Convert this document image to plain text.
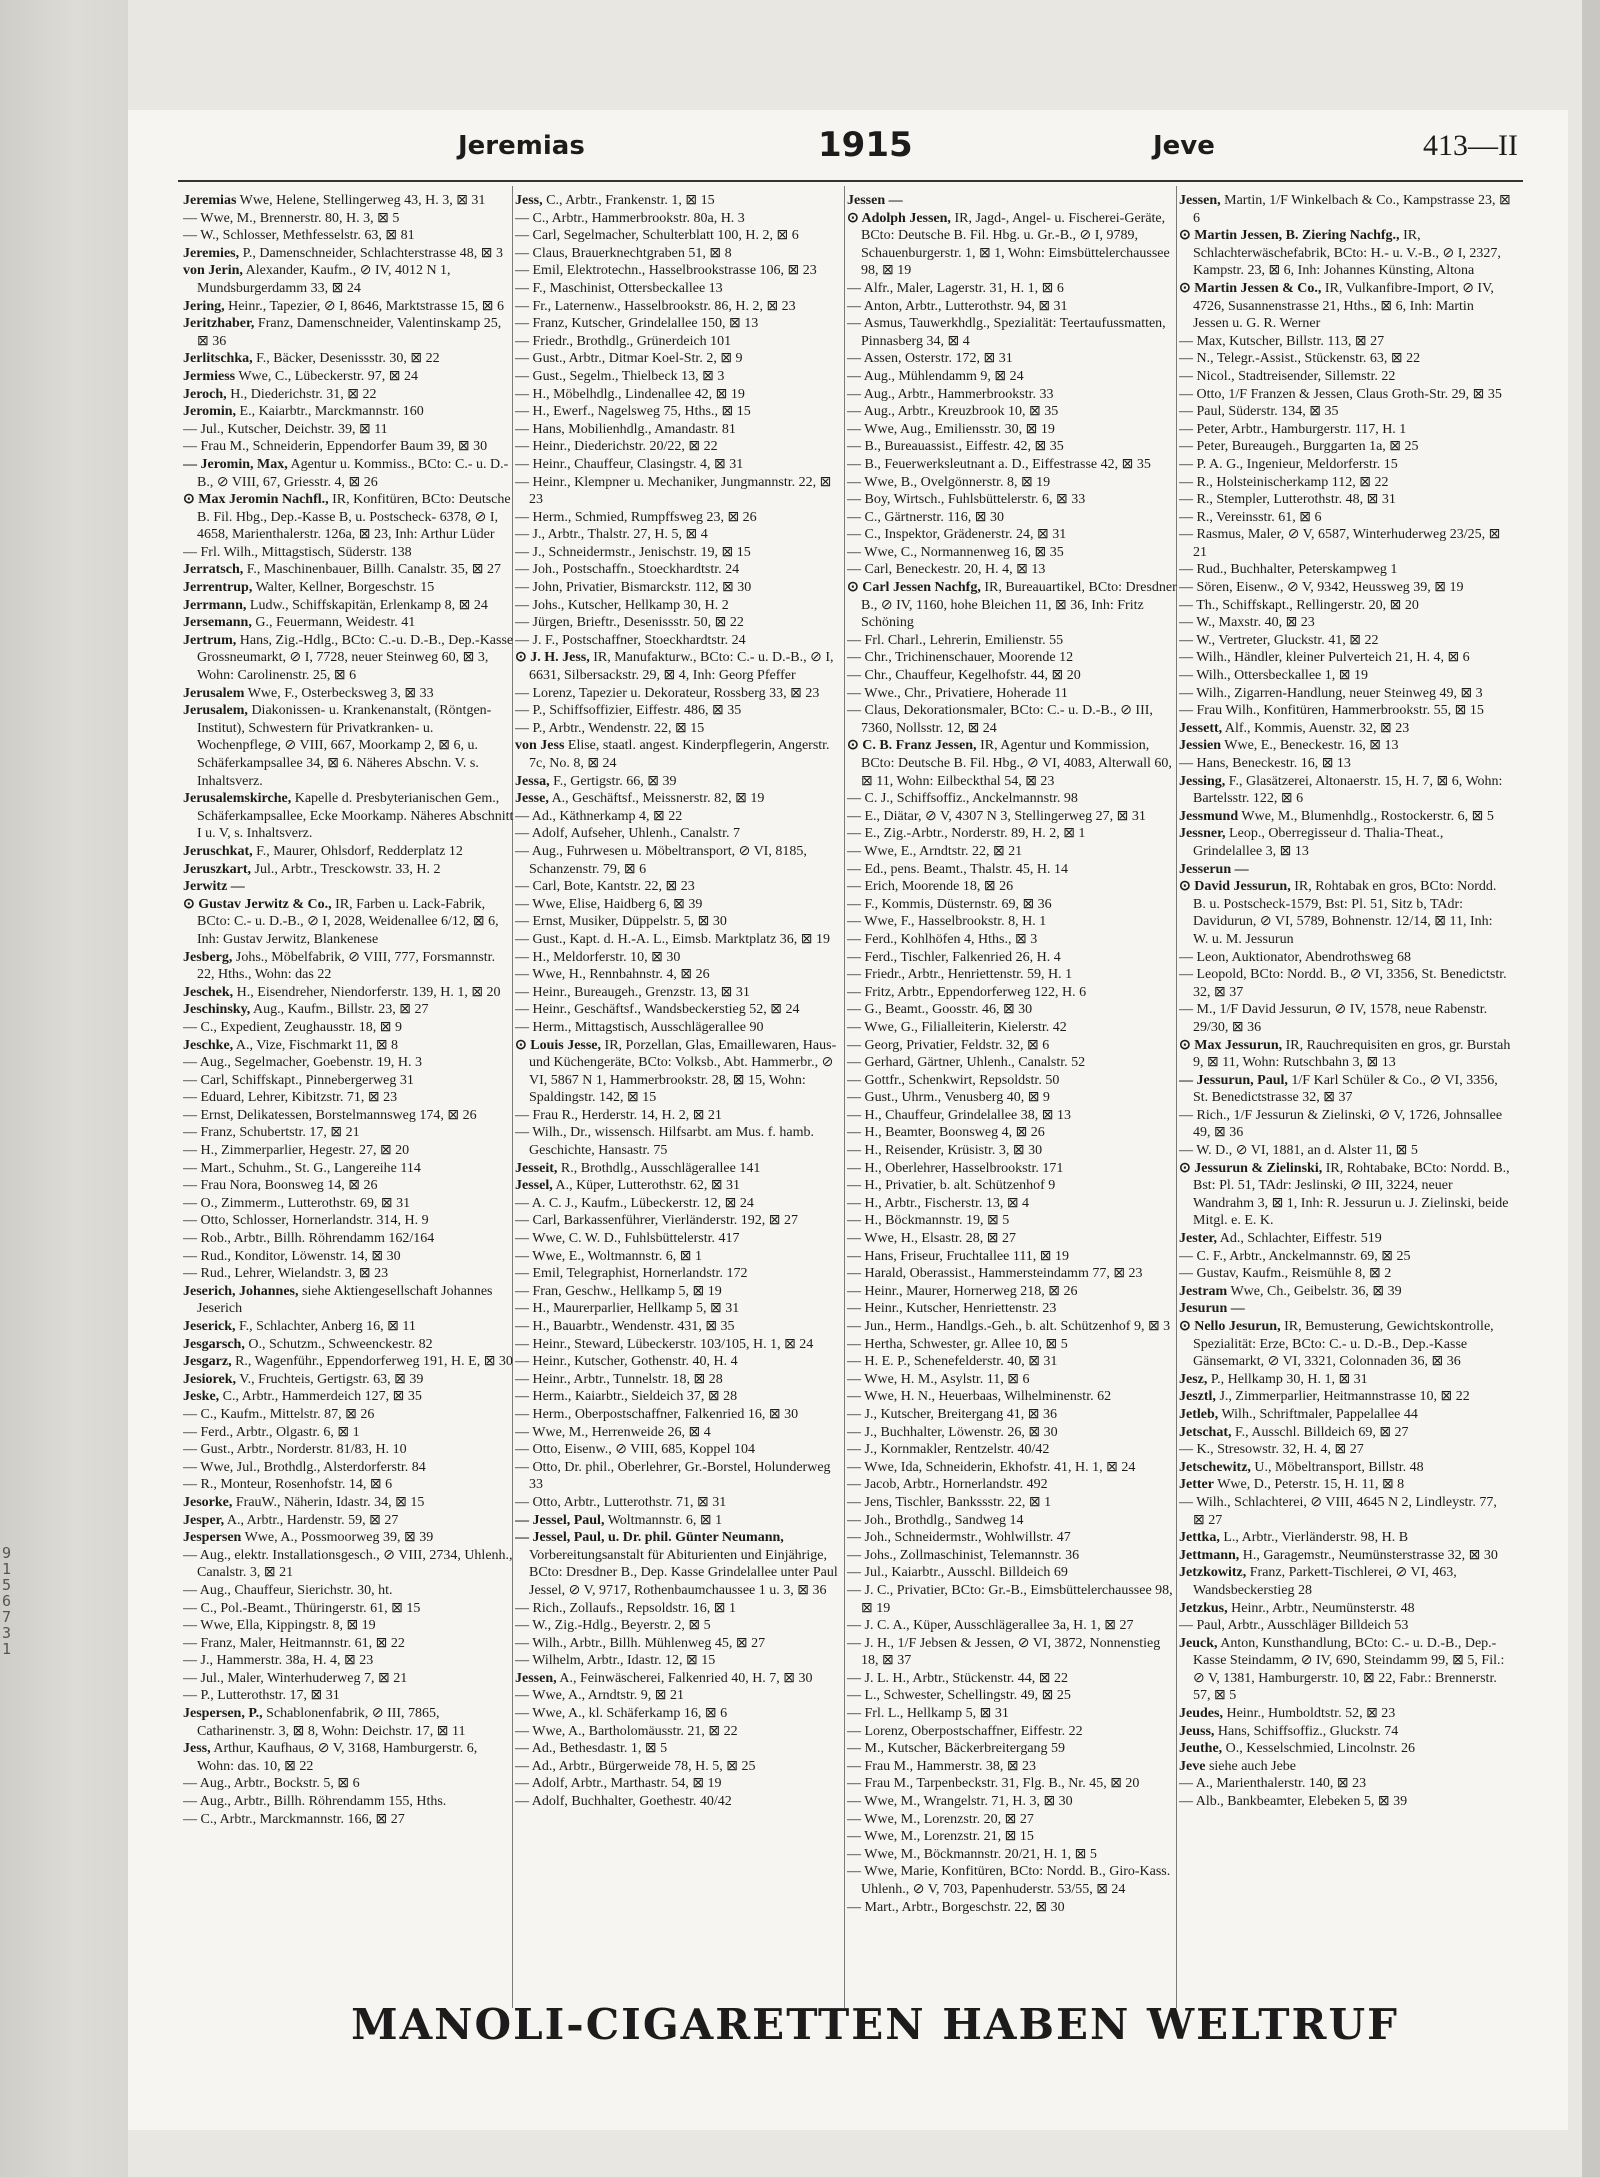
9 1 5 6 7 3 1
Jeremias	1915	Jeve	413—II

Jeremias Wwe, Helene, Stellingerweg 43, H. 3, ⊠ 31

— Wwe, M., Brennerstr. 80, H. 3, ⊠ 5

— W., Schlosser, Methfesselstr. 63, ⊠ 81

Jeremies, P., Damenschneider, Schlachterstrasse 48, ⊠ 3

von Jerin, Alexander, Kaufm., ⊘ IV, 4012 N 1, Mundsburgerdamm 33, ⊠ 24

Jering, Heinr., Tapezier, ⊘ I, 8646, Marktstrasse 15, ⊠ 6

Jeritzhaber, Franz, Damenschneider, Valentinskamp 25, ⊠ 36

Jerlitschka, F., Bäcker, Desenissstr. 30, ⊠ 22

Jermiess Wwe, C., Lübeckerstr. 97, ⊠ 24

Jeroch, H., Diederichstr. 31, ⊠ 22

Jeromin, E., Kaiarbtr., Marckmannstr. 160

— Jul., Kutscher, Deichstr. 39, ⊠ 11

— Frau M., Schneiderin, Eppendorfer Baum 39, ⊠ 30

— Jeromin, Max, Agentur u. Kommiss., BCto: C.- u. D.-B., ⊘ VIII, 67, Griesstr. 4, ⊠ 26

⊙ Max Jeromin Nachfl., IR, Konfitüren, BCto: Deutsche B. Fil. Hbg., Dep.-Kasse B, u. Postscheck- 6378, ⊘ I, 4658, Marienthalerstr. 126a, ⊠ 23, Inh: Arthur Lüder

— Frl. Wilh., Mittagstisch, Süderstr. 138

Jerratsch, F., Maschinenbauer, Billh. Canalstr. 35, ⊠ 27

Jerrentrup, Walter, Kellner, Borgeschstr. 15

Jerrmann, Ludw., Schiffskapitän, Erlenkamp 8, ⊠ 24

Jersemann, G., Feuermann, Weidestr. 41

Jertrum, Hans, Zig.-Hdlg., BCto: C.-u. D.-B., Dep.-Kasse Grossneumarkt, ⊘ I, 7728, neuer Steinweg 60, ⊠ 3, Wohn: Carolinenstr. 25, ⊠ 6

Jerusalem Wwe, F., Osterbecksweg 3, ⊠ 33

Jerusalem, Diakonissen- u. Krankenanstalt, (Röntgen-Institut), Schwestern für Privatkranken- u. Wochenpflege, ⊘ VIII, 667, Moorkamp 2, ⊠ 6, u. Schäferkampsallee 34, ⊠ 6. Näheres Abschn. V. s. Inhaltsverz.

Jerusalemskirche, Kapelle d. Presbyterianischen Gem., Schäferkampsallee, Ecke Moorkamp. Näheres Abschnitt I u. V, s. Inhaltsverz.

Jeruschkat, F., Maurer, Ohlsdorf, Redderplatz 12

Jeruszkart, Jul., Arbtr., Tresckowstr. 33, H. 2

Jerwitz —

⊙ Gustav Jerwitz & Co., IR, Farben u. Lack-Fabrik, BCto: C.- u. D.-B., ⊘ I, 2028, Weidenallee 6/12, ⊠ 6, Inh: Gustav Jerwitz, Blankenese

Jesberg, Johs., Möbelfabrik, ⊘ VIII, 777, Forsmannstr. 22, Hths., Wohn: das 22

Jeschek, H., Eisendreher, Niendorferstr. 139, H. 1, ⊠ 20

Jeschinsky, Aug., Kaufm., Billstr. 23, ⊠ 27

— C., Expedient, Zeughausstr. 18, ⊠ 9

Jeschke, A., Vize, Fischmarkt 11, ⊠ 8

— Aug., Segelmacher, Goebenstr. 19, H. 3

— Carl, Schiffskapt., Pinnebergerweg 31

— Eduard, Lehrer, Kibitzstr. 71, ⊠ 23

— Ernst, Delikatessen, Borstelmannsweg 174, ⊠ 26

— Franz, Schubertstr. 17, ⊠ 21

— H., Zimmerparlier, Hegestr. 27, ⊠ 20

— Mart., Schuhm., St. G., Langereihe 114

— Frau Nora, Boonsweg 14, ⊠ 26

— O., Zimmerm., Lutterothstr. 69, ⊠ 31

— Otto, Schlosser, Hornerlandstr. 314, H. 9

— Rob., Arbtr., Billh. Röhrendamm 162/164

— Rud., Konditor, Löwenstr. 14, ⊠ 30

— Rud., Lehrer, Wielandstr. 3, ⊠ 23

Jeserich, Johannes, siehe Aktiengesellschaft Johannes Jeserich

Jeserick, F., Schlachter, Anberg 16, ⊠ 11

Jesgarsch, O., Schutzm., Schweenckestr. 82

Jesgarz, R., Wagenführ., Eppendorferweg 191, H. E, ⊠ 30

Jesiorek, V., Fruchteis, Gertigstr. 63, ⊠ 39

Jeske, C., Arbtr., Hammerdeich 127, ⊠ 35

— C., Kaufm., Mittelstr. 87, ⊠ 26

— Ferd., Arbtr., Olgastr. 6, ⊠ 1

— Gust., Arbtr., Norderstr. 81/83, H. 10

— Wwe, Jul., Brothdlg., Alsterdorferstr. 84

— R., Monteur, Rosenhofstr. 14, ⊠ 6

Jesorke, FrauW., Näherin, Idastr. 34, ⊠ 15

Jesper, A., Arbtr., Hardenstr. 59, ⊠ 27

Jespersen Wwe, A., Possmoorweg 39, ⊠ 39

— Aug., elektr. Installationsgesch., ⊘ VIII, 2734, Uhlenh., Canalstr. 3, ⊠ 21

— Aug., Chauffeur, Sierichstr. 30, ht.

— C., Pol.-Beamt., Thüringerstr. 61, ⊠ 15

— Wwe, Ella, Kippingstr. 8, ⊠ 19

— Franz, Maler, Heitmannstr. 61, ⊠ 22

— J., Hammerstr. 38a, H. 4, ⊠ 23

— Jul., Maler, Winterhuderweg 7, ⊠ 21

— P., Lutterothstr. 17, ⊠ 31

Jespersen, P., Schablonenfabrik, ⊘ III, 7865, Catharinenstr. 3, ⊠ 8, Wohn: Deichstr. 17, ⊠ 11

Jess, Arthur, Kaufhaus, ⊘ V, 3168, Hamburgerstr. 6, Wohn: das. 10, ⊠ 22

— Aug., Arbtr., Bockstr. 5, ⊠ 6

— Aug., Arbtr., Billh. Röhrendamm 155, Hths.

— C., Arbtr., Marckmannstr. 166, ⊠ 27

Jess, C., Arbtr., Frankenstr. 1, ⊠ 15

— C., Arbtr., Hammerbrookstr. 80a, H. 3

— Carl, Segelmacher, Schulterblatt 100, H. 2, ⊠ 6

— Claus, Brauerknechtgraben 51, ⊠ 8

— Emil, Elektrotechn., Hasselbrookstrasse 106, ⊠ 23

— F., Maschinist, Ottersbeckallee 13

— Fr., Laternenw., Hasselbrookstr. 86, H. 2, ⊠ 23

— Franz, Kutscher, Grindelallee 150, ⊠ 13

— Friedr., Brothdlg., Grünerdeich 101

— Gust., Arbtr., Ditmar Koel-Str. 2, ⊠ 9

— Gust., Segelm., Thielbeck 13, ⊠ 3

— H., Möbelhdlg., Lindenallee 42, ⊠ 19

— H., Ewerf., Nagelsweg 75, Hths., ⊠ 15

— Hans, Mobilienhdlg., Amandastr. 81

— Heinr., Diederichstr. 20/22, ⊠ 22

— Heinr., Chauffeur, Clasingstr. 4, ⊠ 31

— Heinr., Klempner u. Mechaniker, Jungmannstr. 22, ⊠ 23

— Herm., Schmied, Rumpffsweg 23, ⊠ 26

— J., Arbtr., Thalstr. 27, H. 5, ⊠ 4

— J., Schneidermstr., Jenischstr. 19, ⊠ 15

— Joh., Postschaffn., Stoeckhardtstr. 24

— John, Privatier, Bismarckstr. 112, ⊠ 30

— Johs., Kutscher, Hellkamp 30, H. 2

— Jürgen, Brieftr., Desenissstr. 50, ⊠ 22

— J. F., Postschaffner, Stoeckhardtstr. 24

⊙ J. H. Jess, IR, Manufakturw., BCto: C.- u. D.-B., ⊘ I, 6631, Silbersackstr. 29, ⊠ 4, Inh: Georg Pfeffer

— Lorenz, Tapezier u. Dekorateur, Rossberg 33, ⊠ 23

— P., Schiffsoffizier, Eiffestr. 486, ⊠ 35

— P., Arbtr., Wendenstr. 22, ⊠ 15

von Jess Elise, staatl. angest. Kinderpflegerin, Angerstr. 7c, No. 8, ⊠ 24

Jessa, F., Gertigstr. 66, ⊠ 39

Jesse, A., Geschäftsf., Meissnerstr. 82, ⊠ 19

— Ad., Käthnerkamp 4, ⊠ 22

— Adolf, Aufseher, Uhlenh., Canalstr. 7

— Aug., Fuhrwesen u. Möbeltransport, ⊘ VI, 8185, Schanzenstr. 79, ⊠ 6

— Carl, Bote, Kantstr. 22, ⊠ 23

— Wwe, Elise, Haidberg 6, ⊠ 39

— Ernst, Musiker, Düppelstr. 5, ⊠ 30

— Gust., Kapt. d. H.-A. L., Eimsb. Marktplatz 36, ⊠ 19

— H., Meldorferstr. 10, ⊠ 30

— Wwe, H., Rennbahnstr. 4, ⊠ 26

— Heinr., Bureaugeh., Grenzstr. 13, ⊠ 31

— Heinr., Geschäftsf., Wandsbeckerstieg 52, ⊠ 24

— Herm., Mittagstisch, Ausschlägerallee 90

⊙ Louis Jesse, IR, Porzellan, Glas, Emaillewaren, Haus- und Küchengeräte, BCto: Volksb., Abt. Hammerbr., ⊘ VI, 5867 N 1, Hammerbrookstr. 28, ⊠ 15, Wohn: Spaldingstr. 142, ⊠ 15

— Frau R., Herderstr. 14, H. 2, ⊠ 21

— Wilh., Dr., wissensch. Hilfsarbt. am Mus. f. hamb. Geschichte, Hansastr. 75

Jesseit, R., Brothdlg., Ausschlägerallee 141

Jessel, A., Küper, Lutterothstr. 62, ⊠ 31

— A. C. J., Kaufm., Lübeckerstr. 12, ⊠ 24

— Carl, Barkassenführer, Vierländerstr. 192, ⊠ 27

— Wwe, C. W. D., Fuhlsbüttelerstr. 417

— Wwe, E., Woltmannstr. 6, ⊠ 1

— Emil, Telegraphist, Hornerlandstr. 172

— Fran, Geschw., Hellkamp 5, ⊠ 19

— H., Maurerparlier, Hellkamp 5, ⊠ 31

— H., Bauarbtr., Wendenstr. 431, ⊠ 35

— Heinr., Steward, Lübeckerstr. 103/105, H. 1, ⊠ 24

— Heinr., Kutscher, Gothenstr. 40, H. 4

— Heinr., Arbtr., Tunnelstr. 18, ⊠ 28

— Herm., Kaiarbtr., Sieldeich 37, ⊠ 28

— Herm., Oberpostschaffner, Falkenried 16, ⊠ 30

— Wwe, M., Herrenweide 26, ⊠ 4

— Otto, Eisenw., ⊘ VIII, 685, Koppel 104

— Otto, Dr. phil., Oberlehrer, Gr.-Borstel, Holunderweg 33

— Otto, Arbtr., Lutterothstr. 71, ⊠ 31

— Jessel, Paul, Woltmannstr. 6, ⊠ 1

— Jessel, Paul, u. Dr. phil. Günter Neumann, Vorbereitungsanstalt für Abiturienten und Einjährige, BCto: Dresdner B., Dep. Kasse Grindelallee unter Paul Jessel, ⊘ V, 9717, Rothenbaumchaussee 1 u. 3, ⊠ 36

— Rich., Zollaufs., Repsoldstr. 16, ⊠ 1

— W., Zig.-Hdlg., Beyerstr. 2, ⊠ 5

— Wilh., Arbtr., Billh. Mühlenweg 45, ⊠ 27

— Wilhelm, Arbtr., Idastr. 12, ⊠ 15

Jessen, A., Feinwäscherei, Falkenried 40, H. 7, ⊠ 30

— Wwe, A., Arndtstr. 9, ⊠ 21

— Wwe, A., kl. Schäferkamp 16, ⊠ 6

— Wwe, A., Bartholomäusstr. 21, ⊠ 22

— Ad., Bethesdastr. 1, ⊠ 5

— Ad., Arbtr., Bürgerweide 78, H. 5, ⊠ 25

— Adolf, Arbtr., Marthastr. 54, ⊠ 19

— Adolf, Buchhalter, Goethestr. 40/42

Jessen —

⊙ Adolph Jessen, IR, Jagd-, Angel- u. Fischerei-Geräte, BCto: Deutsche B. Fil. Hbg. u. Gr.-B., ⊘ I, 9789, Schauenburgerstr. 1, ⊠ 1, Wohn: Eimsbüttelerchaussee 98, ⊠ 19

— Alfr., Maler, Lagerstr. 31, H. 1, ⊠ 6

— Anton, Arbtr., Lutterothstr. 94, ⊠ 31

— Asmus, Tauwerkhdlg., Spezialität: Teertaufussmatten, Pinnasberg 34, ⊠ 4

— Assen, Osterstr. 172, ⊠ 31

— Aug., Mühlendamm 9, ⊠ 24

— Aug., Arbtr., Hammerbrookstr. 33

— Aug., Arbtr., Kreuzbrook 10, ⊠ 35

— Wwe, Aug., Emiliensstr. 30, ⊠ 19

— B., Bureauassist., Eiffestr. 42, ⊠ 35

— B., Feuerwerksleutnant a. D., Eiffestrasse 42, ⊠ 35

— Wwe, B., Ovelgönnerstr. 8, ⊠ 19

— Boy, Wirtsch., Fuhlsbüttelerstr. 6, ⊠ 33

— C., Gärtnerstr. 116, ⊠ 30

— C., Inspektor, Grädenerstr. 24, ⊠ 31

— Wwe, C., Normannenweg 16, ⊠ 35

— Carl, Beneckestr. 20, H. 4, ⊠ 13

⊙ Carl Jessen Nachfg, IR, Bureauartikel, BCto: Dresdner B., ⊘ IV, 1160, hohe Bleichen 11, ⊠ 36, Inh: Fritz Schöning

— Frl. Charl., Lehrerin, Emilienstr. 55

— Chr., Trichinenschauer, Moorende 12

— Chr., Chauffeur, Kegelhofstr. 44, ⊠ 20

— Wwe., Chr., Privatiere, Hoherade 11

— Claus, Dekorationsmaler, BCto: C.- u. D.-B., ⊘ III, 7360, Nollsstr. 12, ⊠ 24

⊙ C. B. Franz Jessen, IR, Agentur und Kommission, BCto: Deutsche B. Fil. Hbg., ⊘ VI, 4083, Alterwall 60, ⊠ 11, Wohn: Eilbeckthal 54, ⊠ 23

— C. J., Schiffsoffiz., Anckelmannstr. 98

— E., Diätar, ⊘ V, 4307 N 3, Stellingerweg 27, ⊠ 31

— E., Zig.-Arbtr., Norderstr. 89, H. 2, ⊠ 1

— Wwe, E., Arndtstr. 22, ⊠ 21

— Ed., pens. Beamt., Thalstr. 45, H. 14

— Erich, Moorende 18, ⊠ 26

— F., Kommis, Düsternstr. 69, ⊠ 36

— Wwe, F., Hasselbrookstr. 8, H. 1

— Ferd., Kohlhöfen 4, Hths., ⊠ 3

— Ferd., Tischler, Falkenried 26, H. 4

— Friedr., Arbtr., Henriettenstr. 59, H. 1

— Fritz, Arbtr., Eppendorferweg 122, H. 6

— G., Beamt., Goosstr. 46, ⊠ 30

— Wwe, G., Filialleiterin, Kielerstr. 42

— Georg, Privatier, Feldstr. 32, ⊠ 6

— Gerhard, Gärtner, Uhlenh., Canalstr. 52

— Gottfr., Schenkwirt, Repsoldstr. 50

— Gust., Uhrm., Venusberg 40, ⊠ 9

— H., Chauffeur, Grindelallee 38, ⊠ 13

— H., Beamter, Boonsweg 4, ⊠ 26

— H., Reisender, Krüsistr. 3, ⊠ 30

— H., Oberlehrer, Hasselbrookstr. 171

— H., Privatier, b. alt. Schützenhof 9

— H., Arbtr., Fischerstr. 13, ⊠ 4

— H., Böckmannstr. 19, ⊠ 5

— Wwe, H., Elsastr. 28, ⊠ 27

— Hans, Friseur, Fruchtallee 111, ⊠ 19

— Harald, Oberassist., Hammersteindamm 77, ⊠ 23

— Heinr., Maurer, Hornerweg 218, ⊠ 26

— Heinr., Kutscher, Henriettenstr. 23

— Jun., Herm., Handlgs.-Geh., b. alt. Schützenhof 9, ⊠ 3

— Hertha, Schwester, gr. Allee 10, ⊠ 5

— H. E. P., Schenefelderstr. 40, ⊠ 31

— Wwe, H. M., Asylstr. 11, ⊠ 6

— Wwe, H. N., Heuerbaas, Wilhelminenstr. 62

— J., Kutscher, Breitergang 41, ⊠ 36

— J., Buchhalter, Löwenstr. 26, ⊠ 30

— J., Kornmakler, Rentzelstr. 40/42

— Wwe, Ida, Schneiderin, Ekhofstr. 41, H. 1, ⊠ 24

— Jacob, Arbtr., Hornerlandstr. 492

— Jens, Tischler, Bankssstr. 22, ⊠ 1

— Joh., Brothdlg., Sandweg 14

— Joh., Schneidermstr., Wohlwillstr. 47

— Johs., Zollmaschinist, Telemannstr. 36

— Jul., Kaiarbtr., Ausschl. Billdeich 69

— J. C., Privatier, BCto: Gr.-B., Eimsbüttelerchaussee 98, ⊠ 19

— J. C. A., Küper, Ausschlägerallee 3a, H. 1, ⊠ 27

— J. H., 1/F Jebsen & Jessen, ⊘ VI, 3872, Nonnenstieg 18, ⊠ 37

— J. L. H., Arbtr., Stückenstr. 44, ⊠ 22

— L., Schwester, Schellingstr. 49, ⊠ 25

— Frl. L., Hellkamp 5, ⊠ 31

— Lorenz, Oberpostschaffner, Eiffestr. 22

— M., Kutscher, Bäckerbreitergang 59

— Frau M., Hammerstr. 38, ⊠ 23

— Frau M., Tarpenbeckstr. 31, Flg. B., Nr. 45, ⊠ 20

— Wwe, M., Wrangelstr. 71, H. 3, ⊠ 30

— Wwe, M., Lorenzstr. 20, ⊠ 27

— Wwe, M., Lorenzstr. 21, ⊠ 15

— Wwe, M., Böckmannstr. 20/21, H. 1, ⊠ 5

— Wwe, Marie, Konfitüren, BCto: Nordd. B., Giro-Kass. Uhlenh., ⊘ V, 703, Papenhuderstr. 53/55, ⊠ 24

— Mart., Arbtr., Borgeschstr. 22, ⊠ 30

Jessen, Martin, 1/F Winkelbach & Co., Kampstrasse 23, ⊠ 6

⊙ Martin Jessen, B. Ziering Nachfg., IR, Schlachterwäschefabrik, BCto: H.- u. V.-B., ⊘ I, 2327, Kampstr. 23, ⊠ 6, Inh: Johannes Künsting, Altona

⊙ Martin Jessen & Co., IR, Vulkanfibre-Import, ⊘ IV, 4726, Susannenstrasse 21, Hths., ⊠ 6, Inh: Martin Jessen u. G. R. Werner

— Max, Kutscher, Billstr. 113, ⊠ 27

— N., Telegr.-Assist., Stückenstr. 63, ⊠ 22

— Nicol., Stadtreisender, Sillemstr. 22

— Otto, 1/F Franzen & Jessen, Claus Groth-Str. 29, ⊠ 35

— Paul, Süderstr. 134, ⊠ 35

— Peter, Arbtr., Hamburgerstr. 117, H. 1

— Peter, Bureaugeh., Burggarten 1a, ⊠ 25

— P. A. G., Ingenieur, Meldorferstr. 15

— R., Holsteinischerkamp 112, ⊠ 22

— R., Stempler, Lutterothstr. 48, ⊠ 31

— R., Vereinsstr. 61, ⊠ 6

— Rasmus, Maler, ⊘ V, 6587, Winterhuderweg 23/25, ⊠ 21

— Rud., Buchhalter, Peterskampweg 1

— Sören, Eisenw., ⊘ V, 9342, Heussweg 39, ⊠ 19

— Th., Schiffskapt., Rellingerstr. 20, ⊠ 20

— W., Maxstr. 40, ⊠ 23

— W., Vertreter, Gluckstr. 41, ⊠ 22

— Wilh., Händler, kleiner Pulverteich 21, H. 4, ⊠ 6

— Wilh., Ottersbeckallee 1, ⊠ 19

— Wilh., Zigarren-Handlung, neuer Steinweg 49, ⊠ 3

— Frau Wilh., Konfitüren, Hammerbrookstr. 55, ⊠ 15

Jessett, Alf., Kommis, Auenstr. 32, ⊠ 23

Jessien Wwe, E., Beneckestr. 16, ⊠ 13

— Hans, Beneckestr. 16, ⊠ 13

Jessing, F., Glasätzerei, Altonaerstr. 15, H. 7, ⊠ 6, Wohn: Bartelsstr. 122, ⊠ 6

Jessmund Wwe, M., Blumenhdlg., Rostockerstr. 6, ⊠ 5

Jessner, Leop., Oberregisseur d. Thalia-Theat., Grindelallee 3, ⊠ 13

Jesserun —

⊙ David Jessurun, IR, Rohtabak en gros, BCto: Nordd. B. u. Postscheck-1579, Bst: Pl. 51, Sitz b, TAdr: Davidurun, ⊘ VI, 5789, Bohnenstr. 12/14, ⊠ 11, Inh: W. u. M. Jessurun

— Leon, Auktionator, Abendrothsweg 68

— Leopold, BCto: Nordd. B., ⊘ VI, 3356, St. Benedictstr. 32, ⊠ 37

— M., 1/F David Jessurun, ⊘ IV, 1578, neue Rabenstr. 29/30, ⊠ 36

⊙ Max Jessurun, IR, Rauchrequisiten en gros, gr. Burstah 9, ⊠ 11, Wohn: Rutschbahn 3, ⊠ 13

— Jessurun, Paul, 1/F Karl Schüler & Co., ⊘ VI, 3356, St. Benedictstrasse 32, ⊠ 37

— Rich., 1/F Jessurun & Zielinski, ⊘ V, 1726, Johnsallee 49, ⊠ 36

— W. D., ⊘ VI, 1881, an d. Alster 11, ⊠ 5

⊙ Jessurun & Zielinski, IR, Rohtabake, BCto: Nordd. B., Bst: Pl. 51, TAdr: Jeslinski, ⊘ III, 3224, neuer Wandrahm 3, ⊠ 1, Inh: R. Jessurun u. J. Zielinski, beide Mitgl. e. E. K.

Jester, Ad., Schlachter, Eiffestr. 519

— C. F., Arbtr., Anckelmannstr. 69, ⊠ 25

— Gustav, Kaufm., Reismühle 8, ⊠ 2

Jestram Wwe, Ch., Geibelstr. 36, ⊠ 39

Jesurun —

⊙ Nello Jesurun, IR, Bemusterung, Gewichtskontrolle, Spezialität: Erze, BCto: C.- u. D.-B., Dep.-Kasse Gänsemarkt, ⊘ VI, 3321, Colonnaden 36, ⊠ 36

Jesz, P., Hellkamp 30, H. 1, ⊠ 31

Jesztl, J., Zimmerparlier, Heitmannstrasse 10, ⊠ 22

Jetleb, Wilh., Schriftmaler, Pappelallee 44

Jetschat, F., Ausschl. Billdeich 69, ⊠ 27

— K., Stresowstr. 32, H. 4, ⊠ 27

Jetschewitz, U., Möbeltransport, Billstr. 48

Jetter Wwe, D., Peterstr. 15, H. 11, ⊠ 8

— Wilh., Schlachterei, ⊘ VIII, 4645 N 2, Lindleystr. 77, ⊠ 27

Jettka, L., Arbtr., Vierländerstr. 98, H. B

Jettmann, H., Garagemstr., Neumünsterstrasse 32, ⊠ 30

Jetzkowitz, Franz, Parkett-Tischlerei, ⊘ VI, 463, Wandsbeckerstieg 28

Jetzkus, Heinr., Arbtr., Neumünsterstr. 48

— Paul, Arbtr., Ausschläger Billdeich 53

Jeuck, Anton, Kunsthandlung, BCto: C.- u. D.-B., Dep.-Kasse Steindamm, ⊘ IV, 690, Steindamm 99, ⊠ 5, Fil.: ⊘ V, 1381, Hamburgerstr. 10, ⊠ 22, Fabr.: Brennerstr. 57, ⊠ 5

Jeudes, Heinr., Humboldtstr. 52, ⊠ 23

Jeuss, Hans, Schiffsoffiz., Gluckstr. 74

Jeuthe, O., Kesselschmied, Lincolnstr. 26

Jeve siehe auch Jebe

— A., Marienthalerstr. 140, ⊠ 23

— Alb., Bankbeamter, Elebeken 5, ⊠ 39

MANOLI-CIGARETTEN HABEN WELTRUF
